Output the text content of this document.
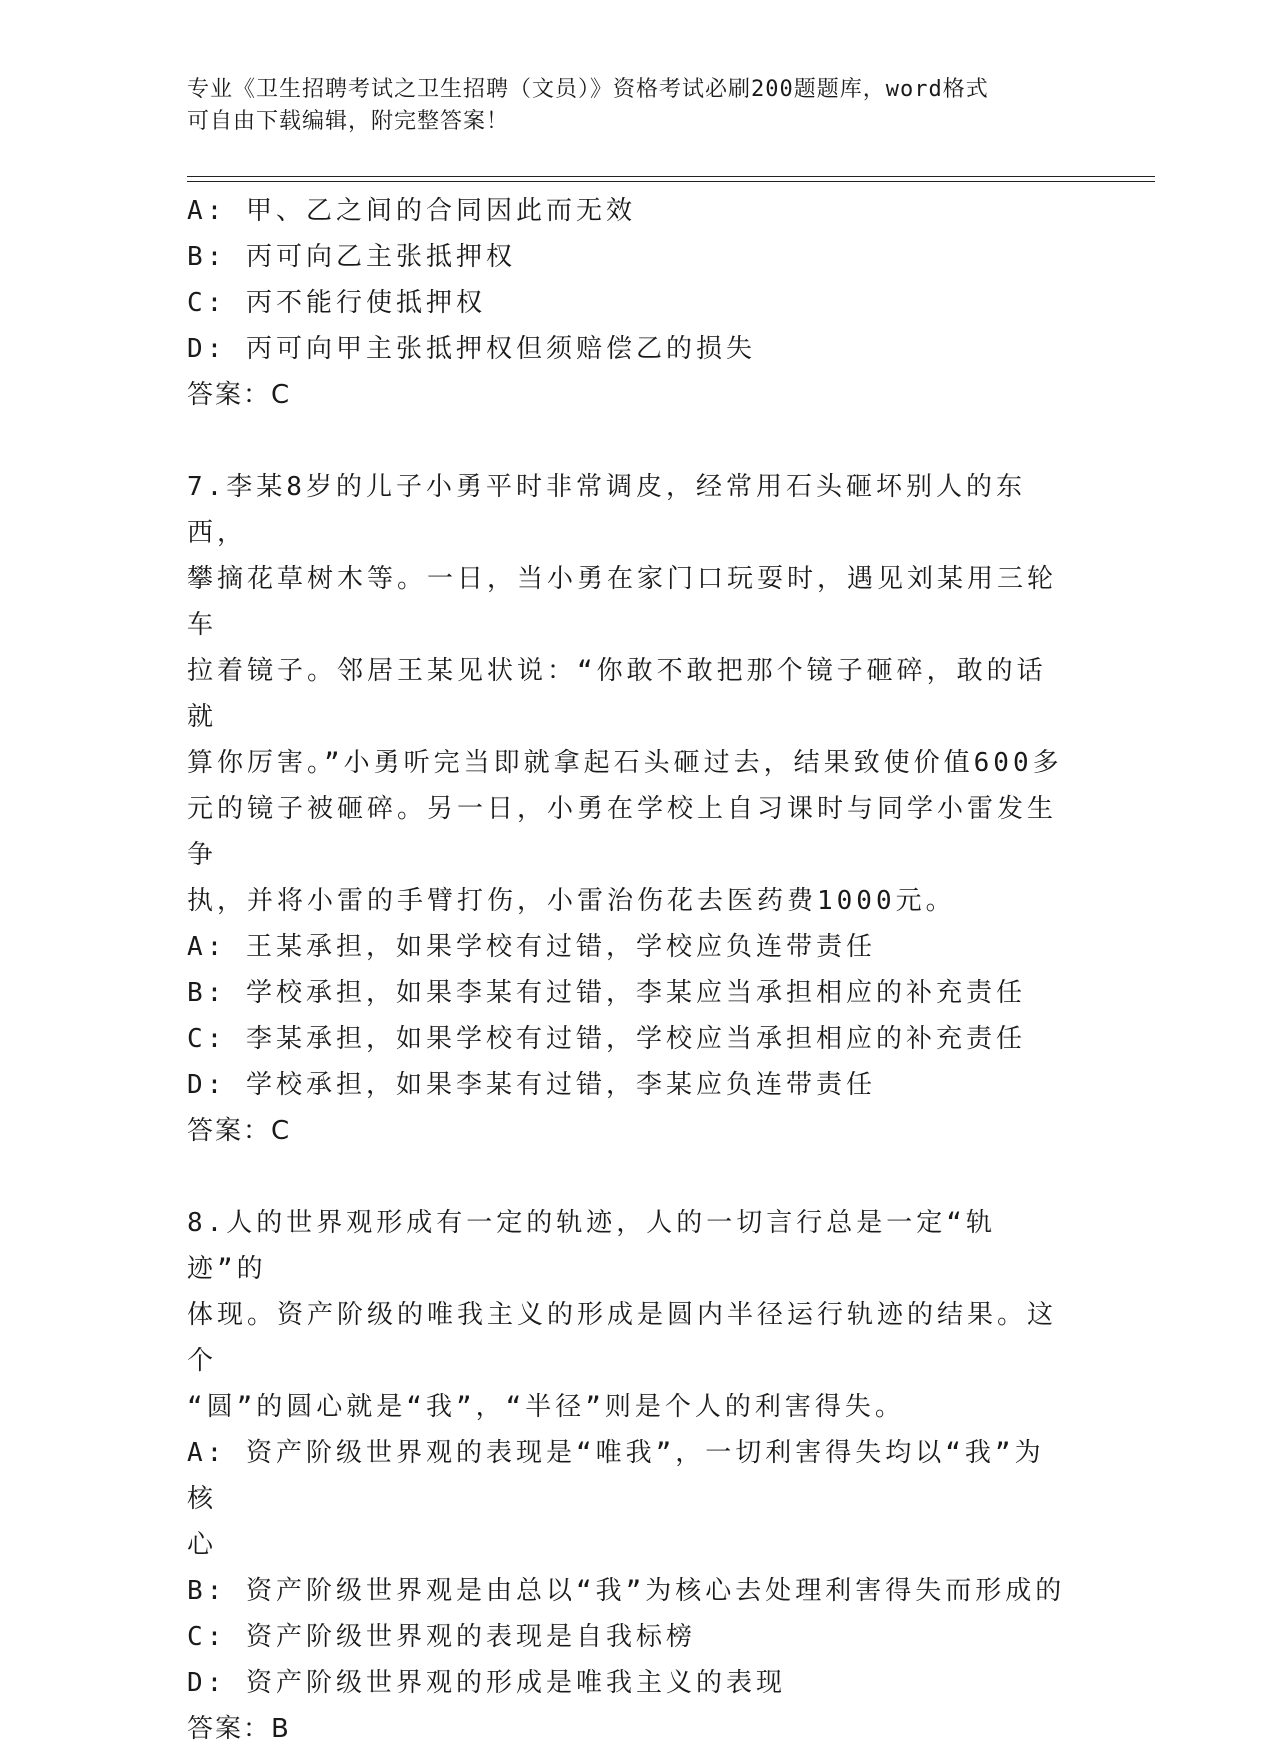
专业《卫生招聘考试之卫生招聘（文员）》资格考试必刷200题题库，word格式

可自由下载编辑，附完整答案！

A: 甲、乙之间的合同因此而无效

B: 丙可向乙主张抵押权

C: 丙不能行使抵押权

D: 丙可向甲主张抵押权但须赔偿乙的损失

答案：C

7.李某8岁的儿子小勇平时非常调皮，经常用石头砸坏别人的东西，

攀摘花草树木等。一日，当小勇在家门口玩耍时，遇见刘某用三轮车

拉着镜子。邻居王某见状说：“你敢不敢把那个镜子砸碎，敢的话就

算你厉害。”小勇听完当即就拿起石头砸过去，结果致使价值600多

元的镜子被砸碎。另一日，小勇在学校上自习课时与同学小雷发生争

执，并将小雷的手臂打伤，小雷治伤花去医药费1000元。

A: 王某承担，如果学校有过错，学校应负连带责任

B: 学校承担，如果李某有过错，李某应当承担相应的补充责任

C: 李某承担，如果学校有过错，学校应当承担相应的补充责任

D: 学校承担，如果李某有过错，李某应负连带责任

答案：C

8.人的世界观形成有一定的轨迹，人的一切言行总是一定“轨迹”的

体现。资产阶级的唯我主义的形成是圆内半径运行轨迹的结果。这个

“圆”的圆心就是“我”，“半径”则是个人的利害得失。

A: 资产阶级世界观的表现是“唯我”，一切利害得失均以“我”为核

心

B: 资产阶级世界观是由总以“我”为核心去处理利害得失而形成的

C: 资产阶级世界观的表现是自我标榜

D: 资产阶级世界观的形成是唯我主义的表现

答案：B
